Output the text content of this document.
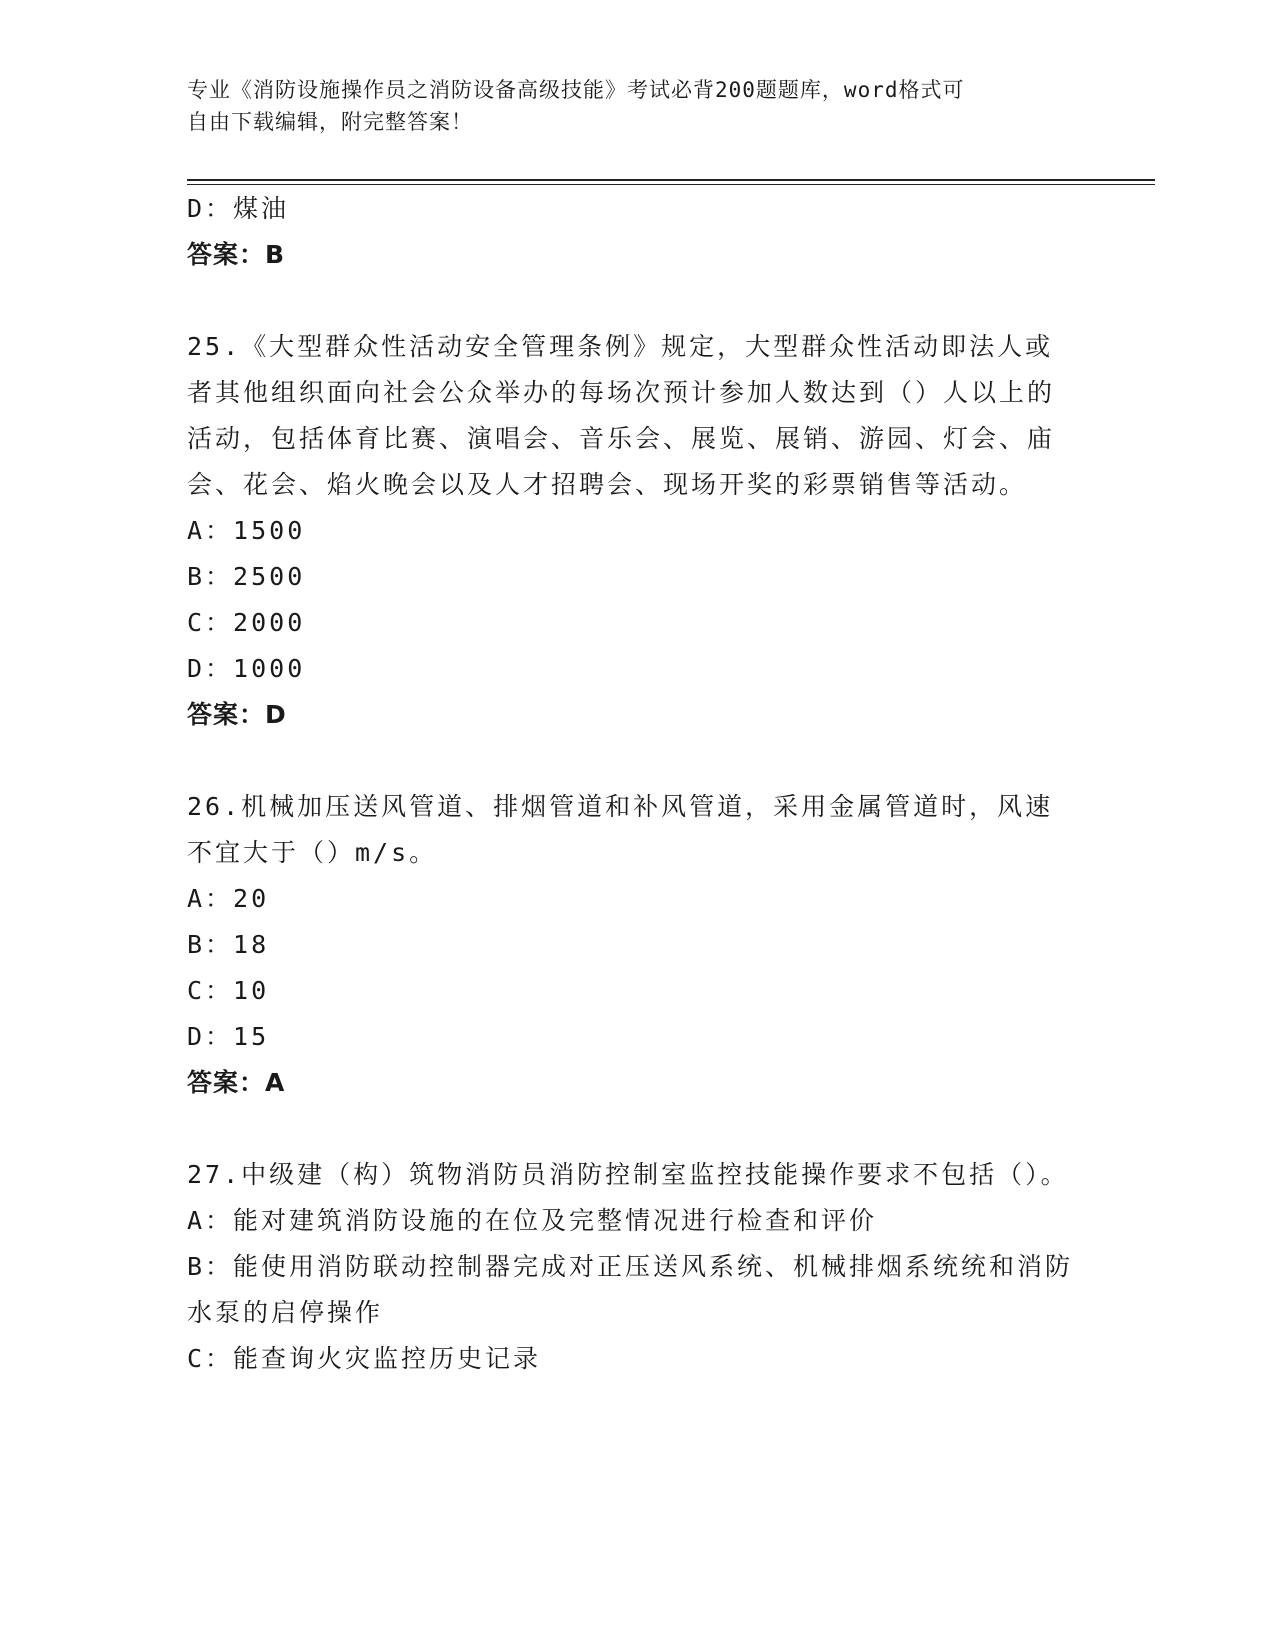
专业《消防设施操作员之消防设备高级技能》考试必背200题题库，word格式可
自由下载编辑，附完整答案！
D：煤油
答案：B
25.《大型群众性活动安全管理条例》规定，大型群众性活动即法人或者其他组织面向社会公众举办的每场次预计参加人数达到（）人以上的活动，包括体育比赛、演唱会、音乐会、展览、展销、游园、灯会、庙会、花会、焰火晚会以及人才招聘会、现场开奖的彩票销售等活动。
A：1500
B：2500
C：2000
D：1000
答案：D
26.机械加压送风管道、排烟管道和补风管道，采用金属管道时，风速不宜大于（）m/s。
A：20
B：18
C：10
D：15
答案：A
27.中级建（构）筑物消防员消防控制室监控技能操作要求不包括（）。
A：能对建筑消防设施的在位及完整情况进行检查和评价
B：能使用消防联动控制器完成对正压送风系统、机械排烟系统统和消防水泵的启停操作
C：能查询火灾监控历史记录
